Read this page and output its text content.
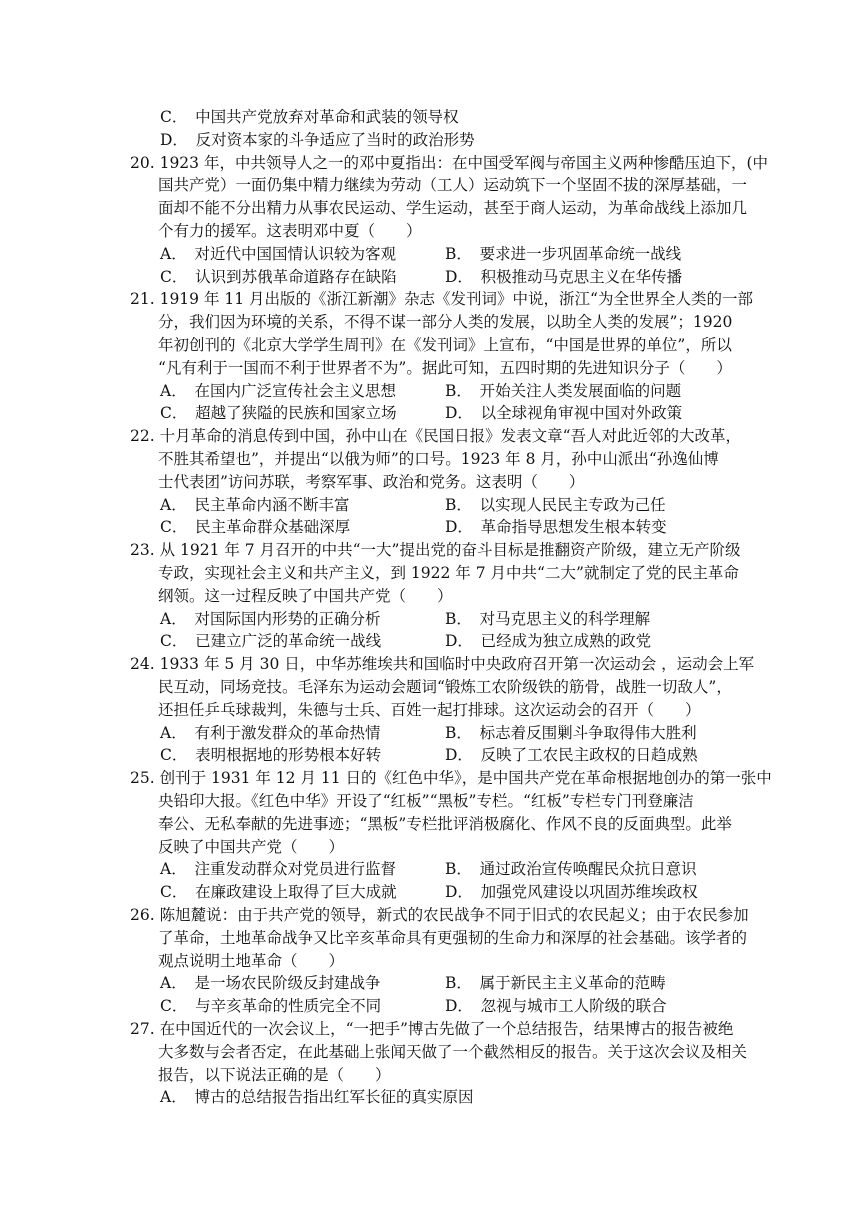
C．　中国共产党放弃对革命和武装的领导权
D．　反对资本家的斗争适应了当时的政治形势
20. 1923 年，中共领导人之一的邓中夏指出：在中国受军阀与帝国主义两种惨酷压迫下，(中
国共产党）一面仍集中精力继续为劳动（工人）运动筑下一个坚固不拔的深厚基础，一
面却不能不分出精力从事农民运动、学生运动，甚至于商人运动，为革命战线上添加几
个有力的援军。这表明邓中夏（　　）
A．　对近代中国国情认识较为客观	B．　要求进一步巩固革命统一战线
C．　认识到苏俄革命道路存在缺陷	D．　积极推动马克思主义在华传播
21. 1919 年 11 月出版的《浙江新潮》杂志《发刊词》中说，浙江“为全世界全人类的一部
分，我们因为环境的关系，不得不谋一部分人类的发展，以助全人类的发展”；1920
年初创刊的《北京大学学生周刊》在《发刊词》上宣布，“中国是世界的单位”，所以
“凡有利于一国而不利于世界者不为”。据此可知，五四时期的先进知识分子（　　）
A．　在国内广泛宣传社会主义思想	B．　开始关注人类发展面临的问题
C．　超越了狭隘的民族和国家立场	D．　以全球视角审视中国对外政策
22. 十月革命的消息传到中国，孙中山在《民国日报》发表文章“吾人对此近邻的大改革，
不胜其希望也”，并提出“以俄为师”的口号。1923 年 8 月，孙中山派出“孙逸仙博
士代表团”访问苏联，考察军事、政治和党务。这表明（　　）
A．　民主革命内涵不断丰富	B．　以实现人民民主专政为己任
C．　民主革命群众基础深厚	D．　革命指导思想发生根本转变
23. 从 1921 年 7 月召开的中共“一大”提出党的奋斗目标是推翻资产阶级，建立无产阶级
专政，实现社会主义和共产主义，到 1922 年 7 月中共“二大”就制定了党的民主革命
纲领。这一过程反映了中国共产党（　　）
A．　对国际国内形势的正确分析	B．　对马克思主义的科学理解
C．　已建立广泛的革命统一战线	D．　已经成为独立成熟的政党
24. 1933 年 5 月 30 日，中华苏维埃共和国临时中央政府召开第一次运动会 ，运动会上军
民互动，同场竞技。毛泽东为运动会题词“锻炼工农阶级铁的筋骨，战胜一切敌人”，
还担任乒乓球裁判，朱德与士兵、百姓一起打排球。这次运动会的召开（　　）
A．　有利于激发群众的革命热情	B．　标志着反围剿斗争取得伟大胜利
C．　表明根据地的形势根本好转	D．　反映了工农民主政权的日趋成熟
25. 创刊于 1931 年 12 月 11 日的《红色中华》，是中国共产党在革命根据地创办的第一张中
央铅印大报。《红色中华》开设了“红板”“黑板”专栏。“红板”专栏专门刊登廉洁
奉公、无私奉献的先进事迹；“黑板”专栏批评消极腐化、作风不良的反面典型。此举
反映了中国共产党（　　）
A．　注重发动群众对党员进行监督	B．　通过政治宣传唤醒民众抗日意识
C．　在廉政建设上取得了巨大成就	D．　加强党风建设以巩固苏维埃政权
26. 陈旭麓说：由于共产党的领导，新式的农民战争不同于旧式的农民起义；由于农民参加
了革命，土地革命战争又比辛亥革命具有更强韧的生命力和深厚的社会基础。该学者的
观点说明土地革命（　　）
A．　是一场农民阶级反封建战争	B．　属于新民主主义革命的范畴
C．　与辛亥革命的性质完全不同	D．　忽视与城市工人阶级的联合
27. 在中国近代的一次会议上，“一把手”博古先做了一个总结报告，结果博古的报告被绝
大多数与会者否定，在此基础上张闻天做了一个截然相反的报告。关于这次会议及相关
报告，以下说法正确的是（　　）
A．　博古的总结报告指出红军长征的真实原因
